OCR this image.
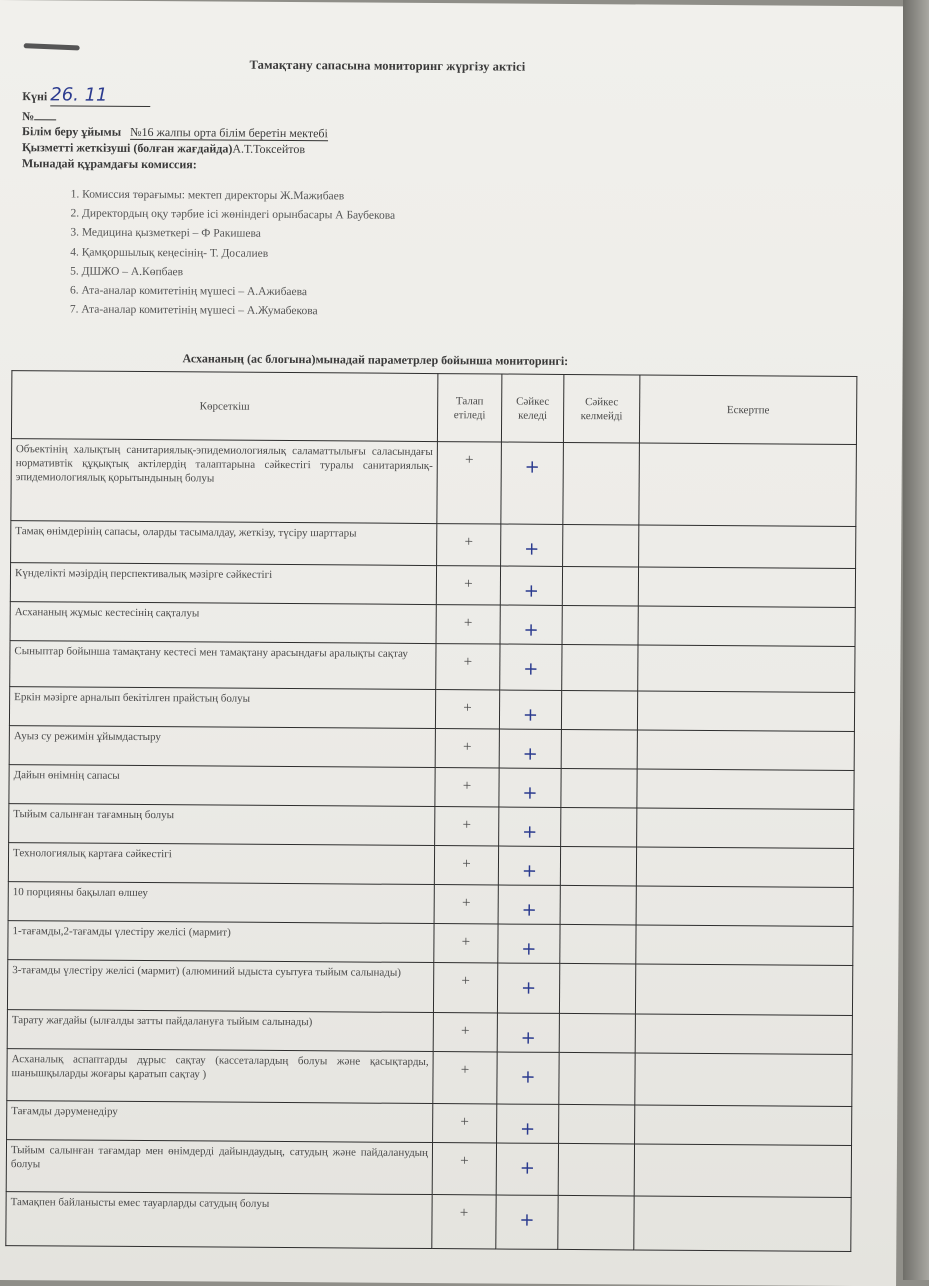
Тамақтану сапасына мониторинг жүргізу актісі
Күні 26. 11
№
Білім беру ұйымы №16 жалпы орта білім беретін мектебі
Қызметті жеткізуші (болған жағдайда)А.Т.Токсейтов
Мынадай құрамдағы комиссия:
1. Комиссия төрағымы: мектеп директоры Ж.Мажибаев
2. Директордың оқу тәрбие ісі жөніндегі орынбасары А Баубекова
3. Медицина қызметкері – Ф Ракишева
4. Қамқоршылық кеңесінің- Т. Досалиев
5. ДШЖО – А.Көпбаев
6. Ата-аналар комитетінің мүшесі – А.Ажибаева
7. Ата-аналар комитетінің мүшесі – А.Жумабекова
Асхананың (ас блогына)мынадай параметрлер бойынша мониторингі:
Көрсеткіш	Талап етіледі	Сәйкес келеді	Сәйкес келмейді	Ескертпе
Объектінің халықтың санитариялық-эпидемиологиялық саламаттылығы саласындағы нормативтік құқықтық актілердің талаптарына сәйкестігі туралы санитариялық-эпидемиологиялық қорытындының болуы	+	+		
Тамақ өнімдерінің сапасы, оларды тасымалдау, жеткізу, түсіру шарттары	+	+		
Күнделікті мәзірдің перспективалық мәзірге сәйкестігі	+	+		
Асхананың жұмыс кестесінің сақталуы	+	+		
Сыныптар бойынша тамақтану кестесі мен тамақтану арасындағы аралықты сақтау	+	+		
Еркін мәзірге арналып бекітілген прайстың болуы	+	+		
Ауыз су режимін ұйымдастыру	+	+		
Дайын өнімнің сапасы	+	+		
Тыйым салынған тағамның болуы	+	+		
Технологиялық картаға сәйкестігі	+	+		
10 порцияны бақылап өлшеу	+	+		
1-тағамды,2-тағамды үлестіру желісі (мармит)	+	+		
3-тағамды үлестіру желісі (мармит) (алюминий ыдыста суытуға тыйым салынады)	+	+		
Тарату жағдайы (ылғалды затты пайдалануға тыйым салынады)	+	+		
Асханалық аспаптарды дұрыс сақтау (кассеталардың болуы және қасықтарды, шанышқыларды жоғары қаратып сақтау )	+	+		
Тағамды дәруменедіру	+	+		
Тыйым салынған тағамдар мен өнімдерді дайындаудың, сатудың және пайдаланудың болуы	+	+		
Тамақпен байланысты емес тауарларды сатудың болуы	+	+		
